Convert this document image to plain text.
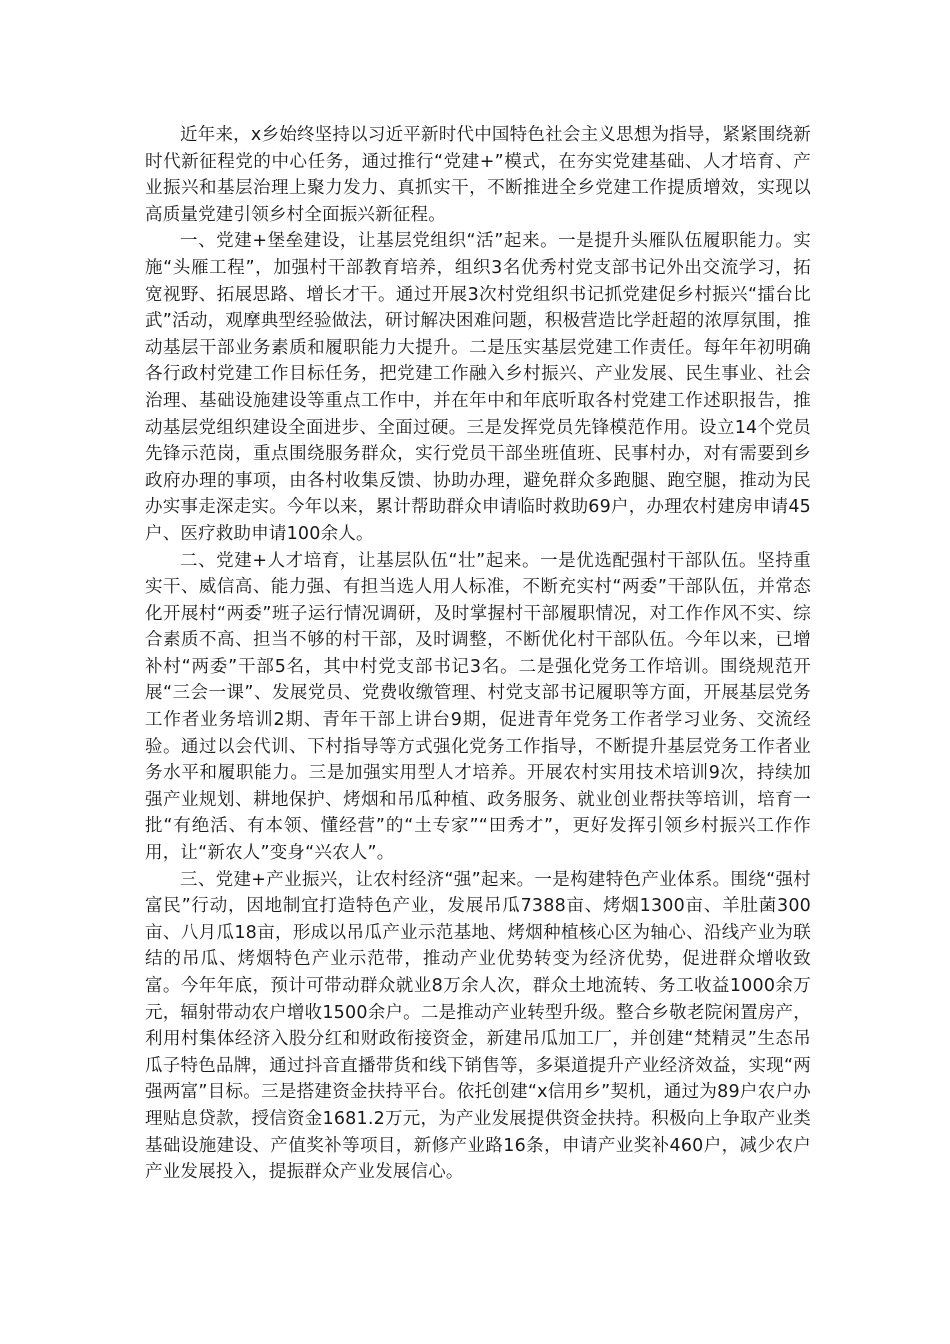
近年来，x乡始终坚持以习近平新时代中国特色社会主义思想为指导，紧紧围绕新时代新征程党的中心任务，通过推行“党建+”模式，在夯实党建基础、人才培育、产业振兴和基层治理上聚力发力、真抓实干，不断推进全乡党建工作提质增效，实现以高质量党建引领乡村全面振兴新征程。

一、党建+堡垒建设，让基层党组织“活”起来。一是提升头雁队伍履职能力。实施“头雁工程”，加强村干部教育培养，组织3名优秀村党支部书记外出交流学习，拓宽视野、拓展思路、增长才干。通过开展3次村党组织书记抓党建促乡村振兴“擂台比武”活动，观摩典型经验做法，研讨解决困难问题，积极营造比学赶超的浓厚氛围，推动基层干部业务素质和履职能力大提升。二是压实基层党建工作责任。每年年初明确各行政村党建工作目标任务，把党建工作融入乡村振兴、产业发展、民生事业、社会治理、基础设施建设等重点工作中，并在年中和年底听取各村党建工作述职报告，推动基层党组织建设全面进步、全面过硬。三是发挥党员先锋模范作用。设立14个党员先锋示范岗，重点围绕服务群众，实行党员干部坐班值班、民事村办，对有需要到乡政府办理的事项，由各村收集反馈、协助办理，避免群众多跑腿、跑空腿，推动为民办实事走深走实。今年以来，累计帮助群众申请临时救助69户，办理农村建房申请45户、医疗救助申请100余人。

二、党建+人才培育，让基层队伍“壮”起来。一是优选配强村干部队伍。坚持重实干、威信高、能力强、有担当选人用人标准，不断充实村“两委”干部队伍，并常态化开展村“两委”班子运行情况调研，及时掌握村干部履职情况，对工作作风不实、综合素质不高、担当不够的村干部，及时调整，不断优化村干部队伍。今年以来，已增补村“两委”干部5名，其中村党支部书记3名。二是强化党务工作培训。围绕规范开展“三会一课”、发展党员、党费收缴管理、村党支部书记履职等方面，开展基层党务工作者业务培训2期、青年干部上讲台9期，促进青年党务工作者学习业务、交流经验。通过以会代训、下村指导等方式强化党务工作指导，不断提升基层党务工作者业务水平和履职能力。三是加强实用型人才培养。开展农村实用技术培训9次，持续加强产业规划、耕地保护、烤烟和吊瓜种植、政务服务、就业创业帮扶等培训，培育一批“有绝活、有本领、懂经营”的“土专家”“田秀才”，更好发挥引领乡村振兴工作作用，让“新农人”变身“兴农人”。

三、党建+产业振兴，让农村经济“强”起来。一是构建特色产业体系。围绕“强村富民”行动，因地制宜打造特色产业，发展吊瓜7388亩、烤烟1300亩、羊肚菌300亩、八月瓜18亩，形成以吊瓜产业示范基地、烤烟种植核心区为轴心、沿线产业为联结的吊瓜、烤烟特色产业示范带，推动产业优势转变为经济优势，促进群众增收致富。今年年底，预计可带动群众就业8万余人次，群众土地流转、务工收益1000余万元，辐射带动农户增收1500余户。二是推动产业转型升级。整合乡敬老院闲置房产，利用村集体经济入股分红和财政衔接资金，新建吊瓜加工厂，并创建“梵精灵”生态吊瓜子特色品牌，通过抖音直播带货和线下销售等，多渠道提升产业经济效益，实现“两强两富”目标。三是搭建资金扶持平台。依托创建“x信用乡”契机，通过为89户农户办理贴息贷款，授信资金1681.2万元，为产业发展提供资金扶持。积极向上争取产业类基础设施建设、产值奖补等项目，新修产业路16条，申请产业奖补460户，减少农户产业发展投入，提振群众产业发展信心。
